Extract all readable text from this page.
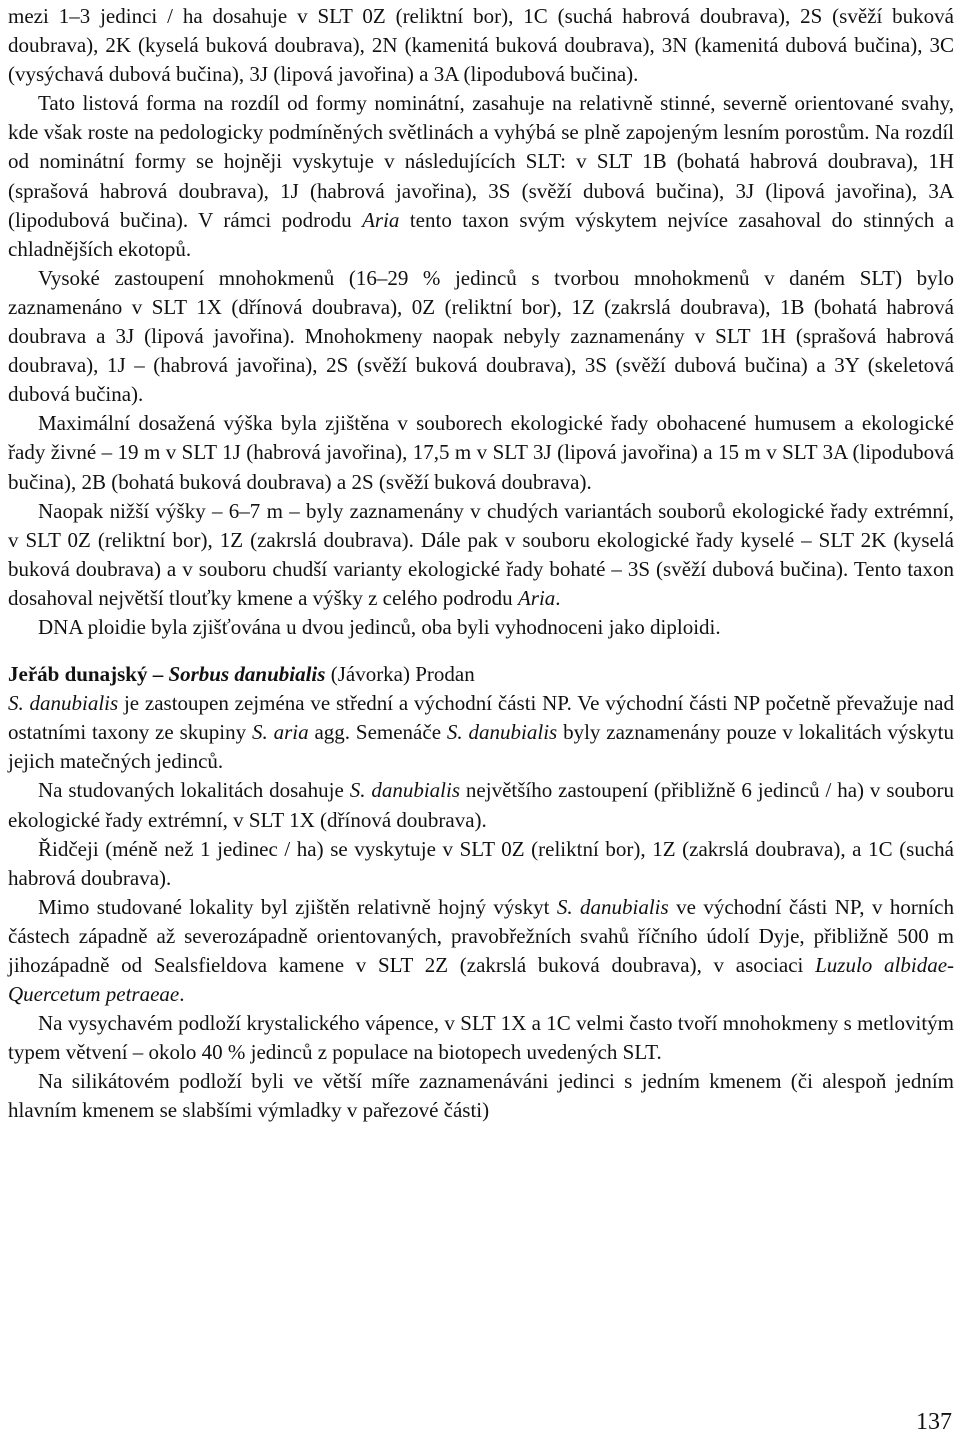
mezi 1–3 jedinci / ha dosahuje v SLT 0Z (reliktní bor), 1C (suchá habrová doubrava), 2S (svěží buková doubrava), 2K (kyselá buková doubrava), 2N (kamenitá buková doubrava), 3N (kamenitá dubová bučina), 3C (vysýchavá dubová bučina), 3J (lipová javořina) a 3A (lipodubová bučina).

Tato listová forma na rozdíl od formy nominátní, zasahuje na relativně stinné, severně orientované svahy, kde však roste na pedologicky podmíněných světlinách a vyhýbá se plně zapojeným lesním porostům. Na rozdíl od nominátní formy se hojněji vyskytuje v následujících SLT: v SLT 1B (bohatá habrová doubrava), 1H (sprašová habrová doubrava), 1J (habrová javořina), 3S (svěží dubová bučina), 3J (lipová javořina), 3A (lipodubová bučina). V rámci podrodu Aria tento taxon svým výskytem nejvíce zasahoval do stinných a chladnějších ekotopů.

Vysoké zastoupení mnohokmenů (16–29 % jedinců s tvorbou mnohokmenů v daném SLT) bylo zaznamenáno v SLT 1X (dřínová doubrava), 0Z (reliktní bor), 1Z (zakrslá doubrava), 1B (bohatá habrová doubrava a 3J (lipová javořina). Mnohokmeny naopak nebyly zaznamenány v SLT 1H (sprašová habrová doubrava), 1J – (habrová javořina), 2S (svěží buková doubrava), 3S (svěží dubová bučina) a 3Y (skeletová dubová bučina).

Maximální dosažená výška byla zjištěna v souborech ekologické řady obohacené humusem a ekologické řady živné – 19 m v SLT 1J (habrová javořina), 17,5 m v SLT 3J (lipová javořina) a 15 m v SLT 3A (lipodubová bučina), 2B (bohatá buková doubrava) a 2S (svěží buková doubrava).

Naopak nižší výšky – 6–7 m – byly zaznamenány v chudých variantách souborů ekologické řady extrémní, v SLT 0Z (reliktní bor), 1Z (zakrslá doubrava). Dále pak v souboru ekologické řady kyselé – SLT 2K (kyselá buková doubrava) a v souboru chudší varianty ekologické řady bohaté – 3S (svěží dubová bučina). Tento taxon dosahoval největší tlouťky kmene a výšky z celého podrodu Aria.

DNA ploidie byla zjišťována u dvou jedinců, oba byli vyhodnoceni jako diploidi.

Jeřáb dunajský – Sorbus danubialis (Jávorka) Prodan

S. danubialis je zastoupen zejména ve střední a východní části NP. Ve východní části NP početně převažuje nad ostatními taxony ze skupiny S. aria agg. Semenáče S. danubialis byly zaznamenány pouze v lokalitách výskytu jejich matečných jedinců.

Na studovaných lokalitách dosahuje S. danubialis největšího zastoupení (přibližně 6 jedinců / ha) v souboru ekologické řady extrémní, v SLT 1X (dřínová doubrava).

Řidčeji (méně než 1 jedinec / ha) se vyskytuje v SLT 0Z (reliktní bor), 1Z (zakrslá doubrava), a 1C (suchá habrová doubrava).

Mimo studované lokality byl zjištěn relativně hojný výskyt S. danubialis ve východní části NP, v horních částech západně až severozápadně orientovaných, pravobřežních svahů říčního údolí Dyje, přibližně 500 m jihozápadně od Sealsfieldova kamene v SLT 2Z (zakrslá buková doubrava), v asociaci Luzulo albidae-Quercetum petraeae.

Na vysychavém podloží krystalického vápence, v SLT 1X a 1C velmi často tvoří mnohokmeny s metlovitým typem větvení – okolo 40 % jedinců z populace na biotopech uvedených SLT.

Na silikátovém podloží byli ve větší míře zaznamenáváni jedinci s jedním kmenem (či alespoň jedním hlavním kmenem se slabšími výmladky v pařezové části)

137
